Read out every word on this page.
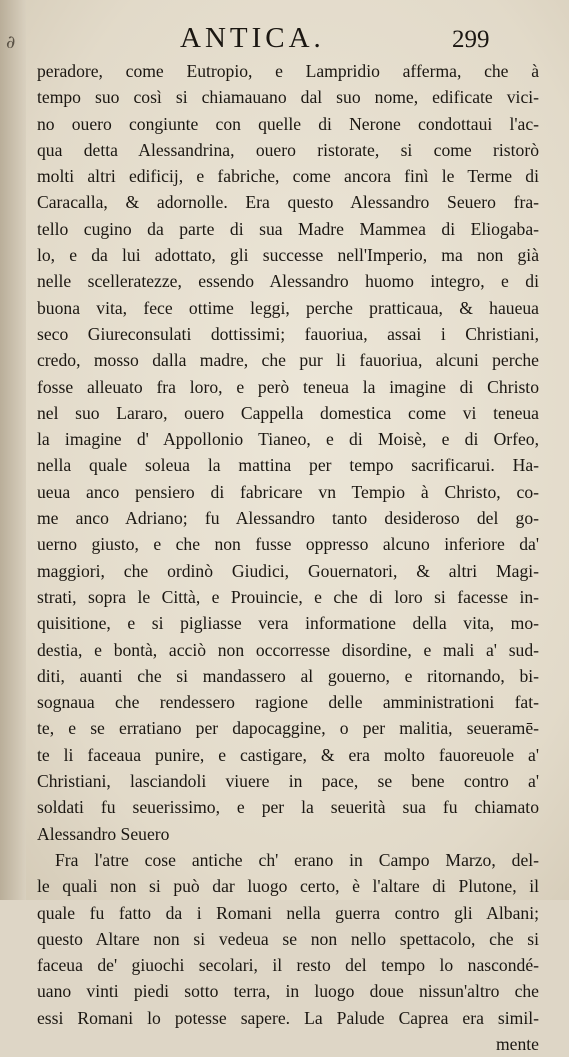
∂	ANTICA.	299
peradore, come Eutropio, e Lampridio afferma, che à
tempo suo così si chiamauano dal suo nome, edificate vici-
no ouero congiunte con quelle di Nerone condottaui l'ac-
qua detta Alessandrina, ouero ristorate, si come ristorò
molti altri edificij, e fabriche, come ancora finì le Terme di
Caracalla, & adornolle. Era questo Alessandro Seuero fra-
tello cugino da parte di sua Madre Mammea di Eliogaba-
lo, e da lui adottato, gli successe nell'Imperio, ma non già
nelle scelleratezze, essendo Alessandro huomo integro, e di
buona vita, fece ottime leggi, perche pratticaua, & haueua
seco Giureconsulati dottissimi; fauoriua, assai i Christiani,
credo, mosso dalla madre, che pur li fauoriua, alcuni perche
fosse alleuato fra loro, e però teneua la imagine di Christo
nel suo Lararo, ouero Cappella domestica come vi teneua
la imagine d' Appollonio Tianeo, e di Moisè, e di Orfeo,
nella quale soleua la mattina per tempo sacrificarui. Ha-
ueua anco pensiero di fabricare vn Tempio à Christo, co-
me anco Adriano; fu Alessandro tanto desideroso del go-
uerno giusto, e che non fusse oppresso alcuno inferiore da'
maggiori, che ordinò Giudici, Gouernatori, & altri Magi-
strati, sopra le Città, e Prouincie, e che di loro si facesse in-
quisitione, e si pigliasse vera informatione della vita, mo-
destia, e bontà, acciò non occorresse disordine, e mali a' sud-
diti, auanti che si mandassero al gouerno, e ritornando, bi-
sognaua che rendessero ragione delle amministrationi fat-
te, e se erratiano per dapocaggine, o per malitia, seueramē-
te li faceaua punire, e castigare, & era molto fauoreuole a'
Christiani, lasciandoli viuere in pace, se bene contro a'
soldati fu seuerissimo, e per la seuerità sua fu chiamato
Alessandro Seuero
Fra l'atre cose antiche ch' erano in Campo Marzo, del-
le quali non si può dar luogo certo, è l'altare di Plutone, il
quale fu fatto da i Romani nella guerra contro gli Albani;
questo Altare non si vedeua se non nello spettacolo, che si
faceua de' giuochi secolari, il resto del tempo lo nascondé-
uano vinti piedi sotto terra, in luogo doue nissun'altro che
essi Romani lo potesse sapere. La Palude Caprea era simil-
mente
